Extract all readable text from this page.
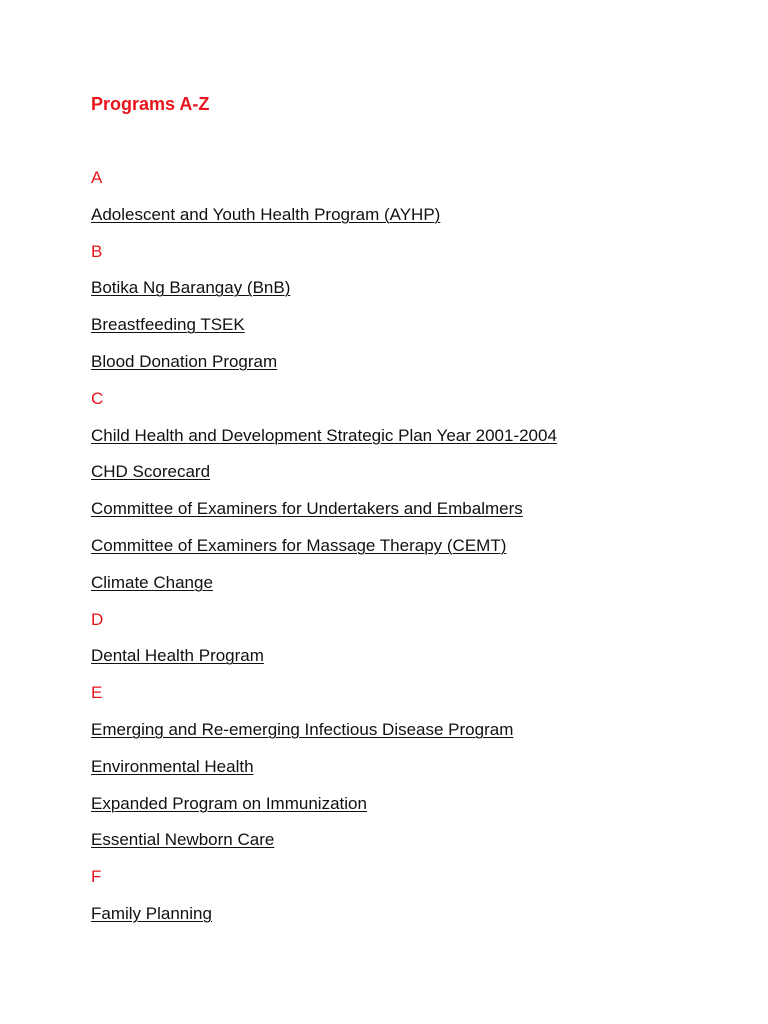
Programs A-Z
A
Adolescent and Youth Health Program (AYHP)
B
Botika Ng Barangay (BnB)
Breastfeeding TSEK
Blood Donation Program
C
Child Health and Development Strategic Plan Year 2001-2004
CHD Scorecard
Committee of Examiners for Undertakers and Embalmers
Committee of Examiners for Massage Therapy (CEMT)
Climate Change
D
Dental Health Program
E
Emerging and Re-emerging Infectious Disease Program
Environmental Health
Expanded Program on Immunization
Essential Newborn Care
F
Family Planning
